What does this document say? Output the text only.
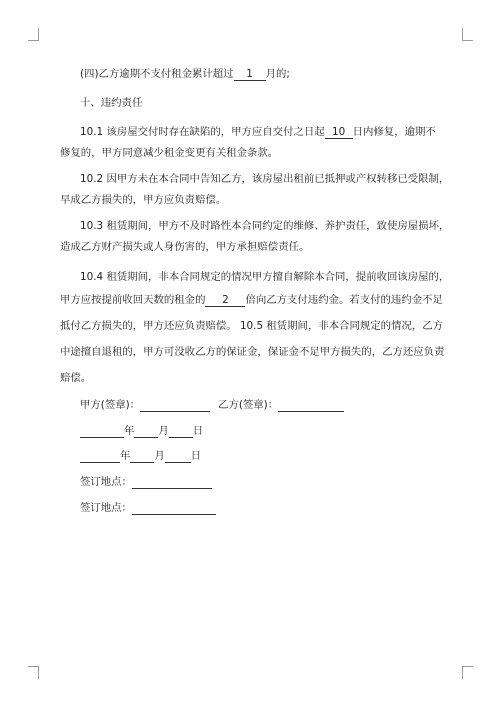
(四)乙方逾期不支付租金累计超过 1 月的;
十、违约责任
10.1 该房屋交付时存在缺陷的，甲方应自交付之日起 10 日内修复，逾期不
修复的，甲方同意减少租金变更有关租金条款。
10.2 因甲方未在本合同中告知乙方，该房屋出租前已抵押或产权转移已受限制，
早成乙方损失的，甲方应负责赔偿。
10.3 租赁期间，甲方不及时路性本合同约定的维修、养护责任，致使房屋损坏，
造成乙方财产损失或人身伤害的，甲方承担赔偿责任。
10.4 租赁期间，非本合同规定的情况甲方擅自解除本合同，提前收回该房屋的，
甲方应按提前收回天数的租金的 2 倍向乙方支付违约金。若支付的违约金不足
抵付乙方损失的，甲方还应负责赔偿。 10.5 租赁期间，非本合同规定的情况，乙方
中途擅自退租的，甲方可没收乙方的保证金，保证金不足甲方损失的，乙方还应负责
赔偿。
甲方(签章)：	乙方(签章)：
年 月 日
年 月	日
签订地点：
签订地点：
